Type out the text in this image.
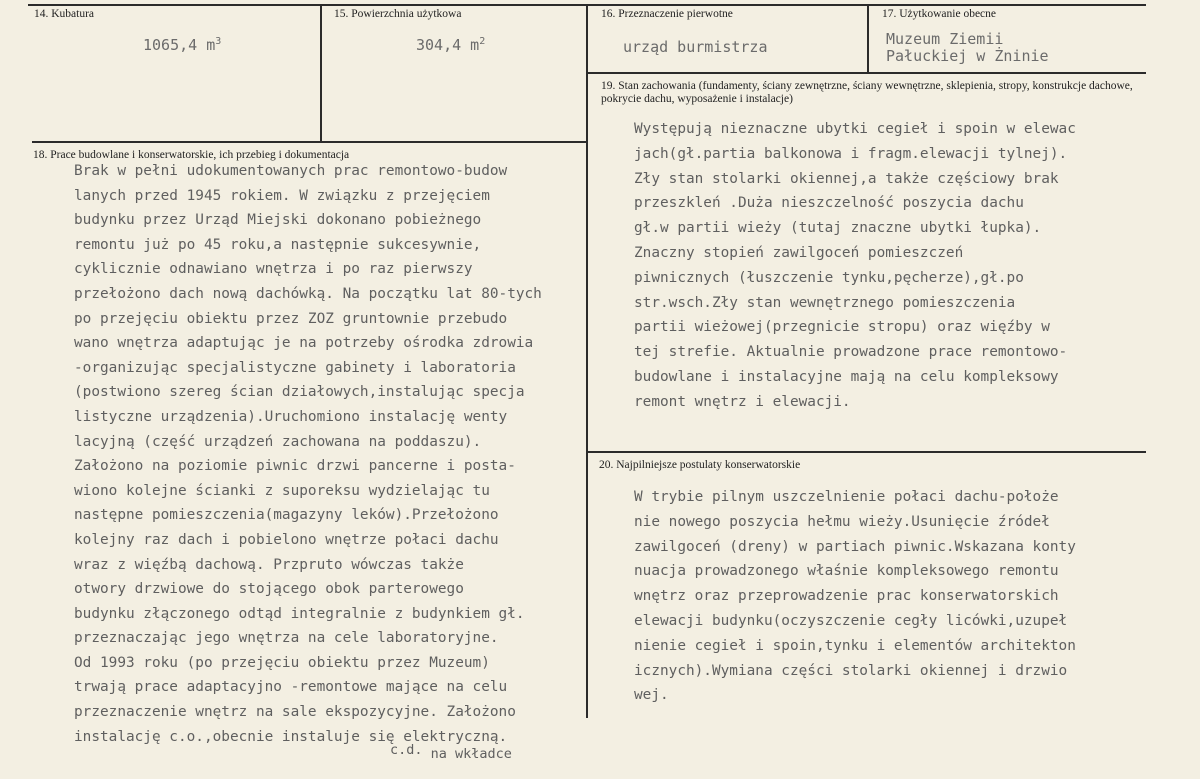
14. Kubatura
1065,4 $m^3$
15. Powierzchnia użytkowa
304,4 $m^2$
16. Przeznaczenie pierwotne
urząd burmistrza
17. Użytkowanie obecne
Muzeum Ziemii
Pałuckiej w Żninie
18. Prace budowlane i konserwatorskie, ich przebieg i dokumentacja
Brak w pełni udokumentowanych prac remontowo-budow
lanych przed 1945 rokiem. W związku z przejęciem
budynku przez Urząd Miejski dokonano pobieżnego
remontu już po 45 roku,a następnie sukcesywnie,
cyklicznie odnawiano wnętrza i po raz pierwszy
przełożono dach nową dachówką. Na początku lat 80-tych
po przejęciu obiektu przez ZOZ gruntownie przebudo
wano wnętrza adaptując je na potrzeby ośrodka zdrowia
-organizując specjalistyczne gabinety i laboratoria
(postwiono szereg ścian działowych,instalując specja
listyczne urządzenia).Uruchomiono instalację wenty
lacyjną (część urządzeń zachowana na poddaszu).
Założono na poziomie piwnic drzwi pancerne i posta-
wiono kolejne ścianki z suporeksu wydzielając tu
następne pomieszczenia(magazyny leków).Przełożono
kolejny raz dach i pobielono wnętrze połaci dachu
wraz z więźbą dachową. Przpruto wówczas także
otwory drzwiowe do stojącego obok parterowego
budynku złączonego odtąd integralnie z budynkiem gł.
przeznaczając jego wnętrza na cele laboratoryjne.
Od 1993 roku (po przejęciu obiektu przez Muzeum)
trwają prace adaptacyjno -remontowe mające na celu
przeznaczenie wnętrz na sale ekspozycyjne. Założono
instalację c.o.,obecnie instaluje się elektryczną.
c.d. na wkładce
19. Stan zachowania (fundamenty, ściany zewnętrzne, ściany wewnętrzne, sklepienia, stropy, konstrukcje dachowe, pokrycie dachu, wyposażenie i instalacje)
Występują nieznaczne ubytki cegieł i spoin w elewac
jach(gł.partia balkonowa i fragm.elewacji tylnej).
Zły stan stolarki okiennej,a także częściowy brak
przeszkleń .Duża nieszczelność poszycia dachu
gł.w partii wieży (tutaj znaczne ubytki łupka).
Znaczny stopień zawilgoceń pomieszczeń
piwnicznych (łuszczenie tynku,pęcherze),gł.po
str.wsch.Zły stan wewnętrznego pomieszczenia
partii wieżowej(przegnicie stropu) oraz więźby w
tej strefie. Aktualnie prowadzone prace remontowo-
budowlane i instalacyjne mają na celu kompleksowy
remont wnętrz i elewacji.
20. Najpilniejsze postulaty konserwatorskie
W trybie pilnym uszczelnienie połaci dachu-położe
nie nowego poszycia hełmu wieży.Usunięcie źródeł
zawilgoceń (dreny) w partiach piwnic.Wskazana konty
nuacja prowadzonego właśnie kompleksowego remontu
wnętrz oraz przeprowadzenie prac konserwatorskich
elewacji budynku(oczyszczenie cegły licówki,uzupeł
nienie cegieł i spoin,tynku i elementów architekton
icznych).Wymiana części stolarki okiennej i drzwio
wej.
